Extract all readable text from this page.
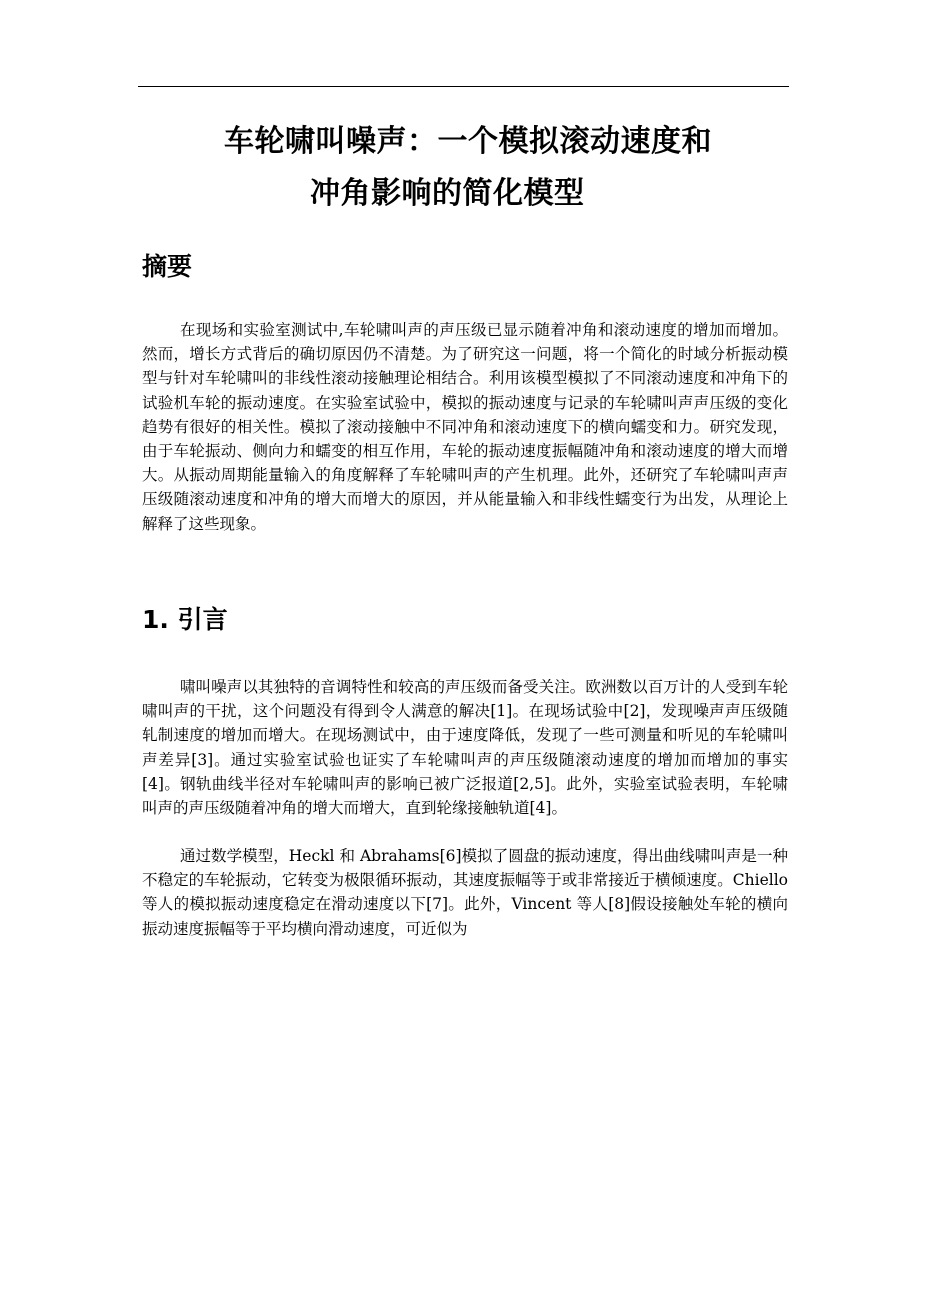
车轮啸叫噪声：一个模拟滚动速度和
冲角影响的简化模型
摘要

在现场和实验室测试中,车轮啸叫声的声压级已显示随着冲角和滚动速度的增加而增加。然而，增长方式背后的确切原因仍不清楚。为了研究这一问题，将一个简化的时域分析振动模型与针对车轮啸叫的非线性滚动接触理论相结合。利用该模型模拟了不同滚动速度和冲角下的试验机车轮的振动速度。在实验室试验中，模拟的振动速度与记录的车轮啸叫声声压级的变化趋势有很好的相关性。模拟了滚动接触中不同冲角和滚动速度下的横向蠕变和力。研究发现，由于车轮振动、侧向力和蠕变的相互作用，车轮的振动速度振幅随冲角和滚动速度的增大而增大。从振动周期能量输入的角度解释了车轮啸叫声的产生机理。此外，还研究了车轮啸叫声声压级随滚动速度和冲角的增大而增大的原因，并从能量输入和非线性蠕变行为出发，从理论上解释了这些现象。

1. 引言

啸叫噪声以其独特的音调特性和较高的声压级而备受关注。欧洲数以百万计的人受到车轮啸叫声的干扰，这个问题没有得到令人满意的解决[1]。在现场试验中[2]，发现噪声声压级随轧制速度的增加而增大。在现场测试中，由于速度降低，发现了一些可测量和听见的车轮啸叫声差异[3]。通过实验室试验也证实了车轮啸叫声的声压级随滚动速度的增加而增加的事实[4]。钢轨曲线半径对车轮啸叫声的影响已被广泛报道[2,5]。此外，实验室试验表明，车轮啸叫声的声压级随着冲角的增大而增大，直到轮缘接触轨道[4]。

通过数学模型，Heckl 和 Abrahams[6]模拟了圆盘的振动速度，得出曲线啸叫声是一种不稳定的车轮振动，它转变为极限循环振动，其速度振幅等于或非常接近于横倾速度。Chiello 等人的模拟振动速度稳定在滑动速度以下[7]。此外，Vincent 等人[8]假设接触处车轮的横向振动速度振幅等于平均横向滑动速度，可近似为
